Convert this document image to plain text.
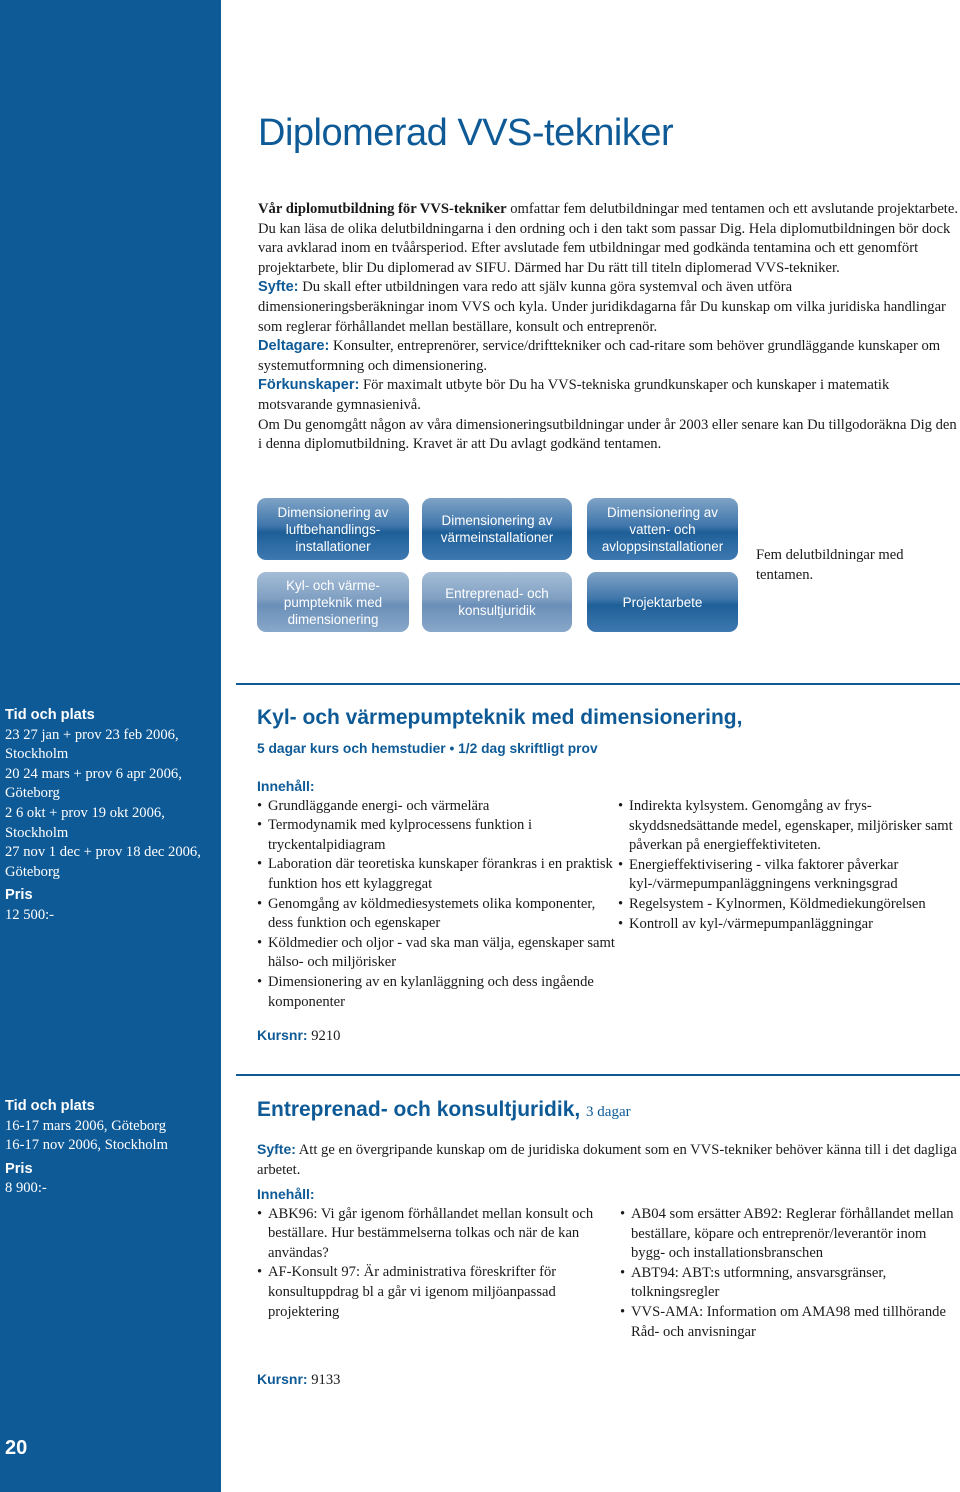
Diplomerad VVS-tekniker

Vår diplomutbildning för VVS-tekniker omfattar fem delutbildningar med tentamen och ett avslutande projektarbete. Du kan läsa de olika delutbildningarna i den ordning och i den takt som passar Dig. Hela diplomutbildningen bör dock vara avklarad inom en tvåårsperiod. Efter avslutade fem utbildningar med godkända tentamina och ett genomfört projektarbete, blir Du diplomerad av SIFU. Därmed har Du rätt till titeln diplomerad VVS-tekniker.

Syfte: Du skall efter utbildningen vara redo att själv kunna göra systemval och även utföra dimensioneringsberäkningar inom VVS och kyla. Under juridikdagarna får Du kunskap om vilka juridiska handlingar som reglerar förhållandet mellan beställare, konsult och entreprenör.

Deltagare: Konsulter, entreprenörer, service/drifttekniker och cad-ritare som behöver grundläggande kunskaper om systemutformning och dimensionering.

Förkunskaper: För maximalt utbyte bör Du ha VVS-tekniska grundkunskaper och kunskaper i matematik motsvarande gymnasienivå.

Om Du genomgått någon av våra dimensioneringsutbildningar under år 2003 eller senare kan Du tillgodoräkna Dig den i denna diplomutbildning. Kravet är att Du avlagt godkänd tentamen.

Dimensionering av luftbehandlings-installationer
Dimensionering av värmeinstallationer
Dimensionering av vatten- och avloppsinstallationer
Kyl- och värme-pumpteknik med dimensionering
Entreprenad- och konsultjuridik
Projektarbete
Fem delutbildningar med tentamen.
Tid och plats
23 27 jan + prov 23 feb 2006, Stockholm
20 24 mars + prov 6 apr 2006, Göteborg
2 6 okt + prov 19 okt 2006, Stockholm
27 nov 1 dec + prov 18 dec 2006, Göteborg
Pris
12 500:-
Kyl- och värmepumpteknik med dimensionering,
5 dagar kurs och hemstudier • 1/2 dag skriftligt prov
Innehåll:
• Grundläggande energi- och värmelära
• Termodynamik med kylprocessens funktion i tryckentalpidiagram
• Laboration där teoretiska kunskaper förankras i en praktisk funktion hos ett kylaggregat
• Genomgång av köldmediesystemets olika komponenter, dess funktion och egenskaper
• Köldmedier och oljor - vad ska man välja, egenskaper samt hälso- och miljörisker
• Dimensionering av en kylanläggning och dess ingående komponenter
Kursnr: 9210
• Indirekta kylsystem. Genomgång av frys-skyddsnedsättande medel, egenskaper, miljörisker samt påverkan på energieffektiviteten.
• Energieffektivisering - vilka faktorer påverkar kyl-/värmepumpanläggningens verkningsgrad
• Regelsystem - Kylnormen, Köldmediekungörelsen
• Kontroll av kyl-/värmepumpanläggningar
Tid och plats
16-17 mars 2006, Göteborg
16-17 nov 2006, Stockholm
Pris
8 900:-
Entreprenad- och konsultjuridik, 3 dagar
Syfte: Att ge en övergripande kunskap om de juridiska dokument som en VVS-tekniker behöver känna till i det dagliga arbetet.
Innehåll:
• ABK96: Vi går igenom förhållandet mellan konsult och beställare. Hur bestämmelserna tolkas och när de kan användas?
• AF-Konsult 97: Är administrativa föreskrifter för konsultuppdrag bl a går vi igenom miljöanpassad projektering
• AB04 som ersätter AB92: Reglerar förhållandet mellan beställare, köpare och entreprenör/leverantör inom bygg- och installationsbranschen
• ABT94: ABT:s utformning, ansvarsgränser, tolkningsregler
• VVS-AMA: Information om AMA98 med tillhörande Råd- och anvisningar
Kursnr: 9133
20
